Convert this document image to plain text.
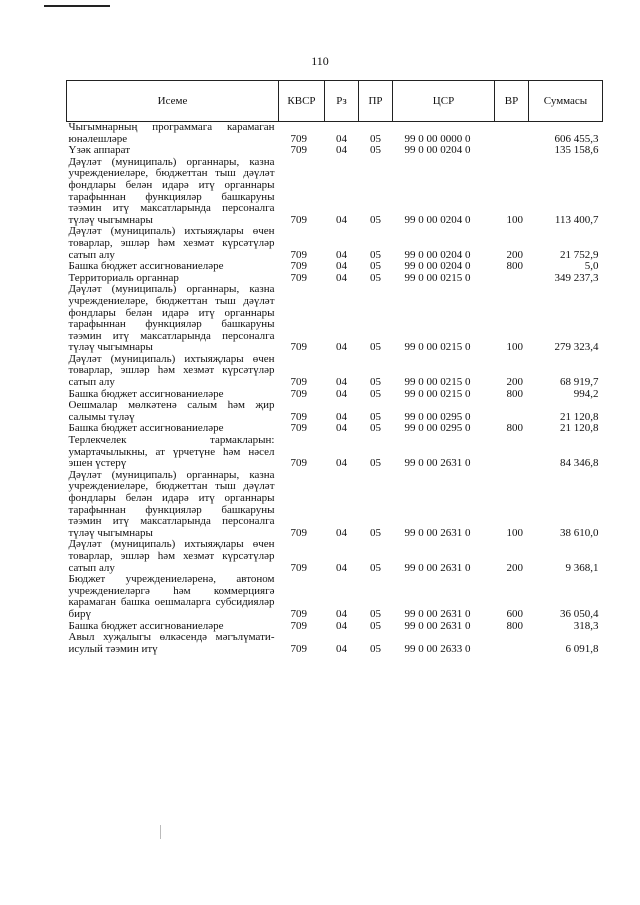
110
Исеме	КВСР	Рз	ПР	ЦСР	ВР	Суммасы
Чыгымнарның программага карамаган юнәлешләре	709	04	05	99 0 00 0000 0		606 455,3
Үзәк аппарат	709	04	05	99 0 00 0204 0		135 158,6
Дәүләт (муниципаль) органнары, казна учреждениеләре, бюджеттан тыш дәүләт фондлары белән идарә итү органнары тарафыннан функцияләр башкаруны тәэмин итү максатларында персоналга түләү чыгымнары	709	04	05	99 0 00 0204 0	100	113 400,7
Дәүләт (муниципаль) ихтыяҗлары өчен товарлар, эшләр һәм хезмәт күрсәтүләр сатып алу	709	04	05	99 0 00 0204 0	200	21 752,9
Башка бюджет ассигнованиеләре	709	04	05	99 0 00 0204 0	800	5,0
Территориаль органнар	709	04	05	99 0 00 0215 0		349 237,3
Дәүләт (муниципаль) органнары, казна учреждениеләре, бюджеттан тыш дәүләт фондлары белән идарә итү органнары тарафыннан функцияләр башкаруны тәэмин итү максатларында персоналга түләү чыгымнары	709	04	05	99 0 00 0215 0	100	279 323,4
Дәүләт (муниципаль) ихтыяҗлары өчен товарлар, эшләр һәм хезмәт күрсәтүләр сатып алу	709	04	05	99 0 00 0215 0	200	68 919,7
Башка бюджет ассигнованиеләре	709	04	05	99 0 00 0215 0	800	994,2
Оешмалар мөлкәтенә салым һәм җир салымы түләү	709	04	05	99 0 00 0295 0		21 120,8
Башка бюджет ассигнованиеләре	709	04	05	99 0 00 0295 0	800	21 120,8
Терлекчелек тармакларын: умартачылыкны, ат үрчетүне һәм нәсел эшен үстерү	709	04	05	99 0 00 2631 0		84 346,8
Дәүләт (муниципаль) органнары, казна учреждениеләре, бюджеттан тыш дәүләт фондлары белән идарә итү органнары тарафыннан функцияләр башкаруны тәэмин итү максатларында персоналга түләү чыгымнары	709	04	05	99 0 00 2631 0	100	38 610,0
Дәүләт (муниципаль) ихтыяҗлары өчен товарлар, эшләр һәм хезмәт күрсәтүләр сатып алу	709	04	05	99 0 00 2631 0	200	9 368,1
Бюджет учреждениеләренә, автоном учреждениеләргә һәм коммерциягә карамаган башка оешмаларга субсидияләр бирү	709	04	05	99 0 00 2631 0	600	36 050,4
Башка бюджет ассигнованиеләре	709	04	05	99 0 00 2631 0	800	318,3
Авыл хуҗалыгы өлкәсендә мәгълүмати-исулый тәэмин итү	709	04	05	99 0 00 2633 0		6 091,8
